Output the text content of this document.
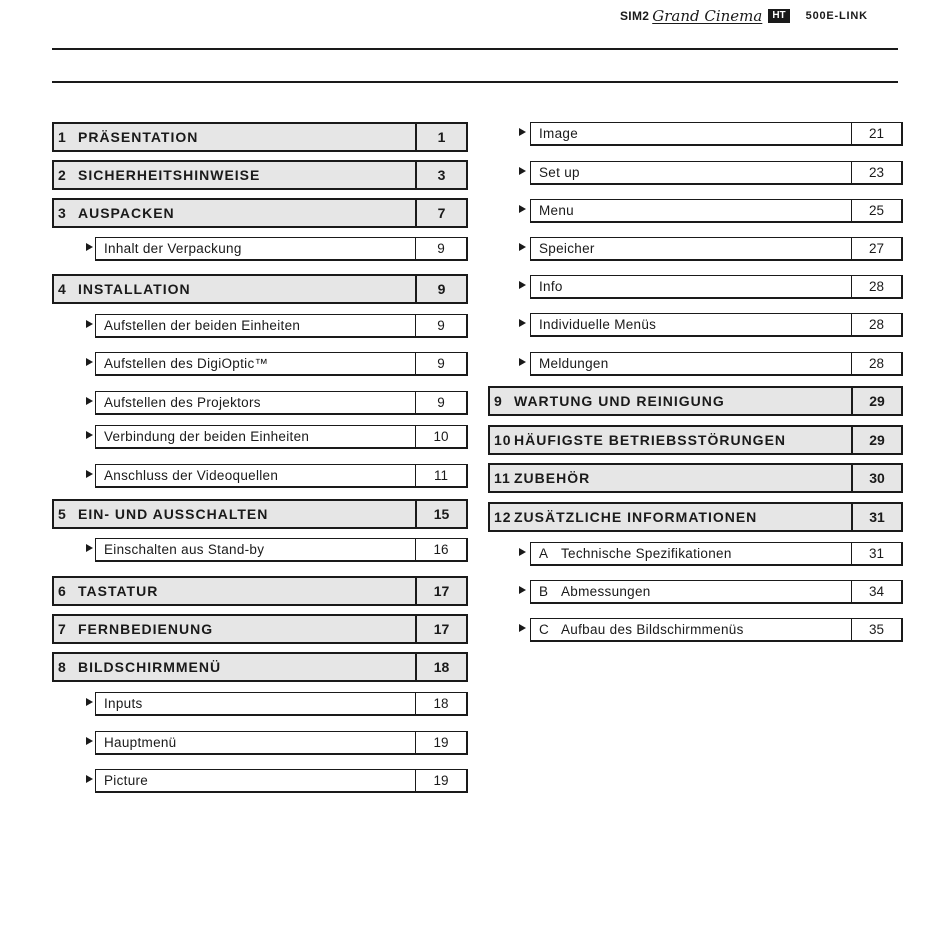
SIM2 Grand Cinema	HT	500E-LINK
1 PRÄSENTATION	1
2 SICHERHEITSHINWEISE	3
3 AUSPACKEN	7
Inhalt der Verpackung	9
4 INSTALLATION	9
Aufstellen der beiden Einheiten	9
Aufstellen des DigiOptic™	9
Aufstellen des Projektors	9
Verbindung der beiden Einheiten	10
Anschluss der Videoquellen	11
5 EIN- UND AUSSCHALTEN	15
Einschalten aus Stand-by	16
6 TASTATUR	17
7 FERNBEDIENUNG	17
8 BILDSCHIRMMENÜ	18
Inputs	18
Hauptmenü	19
Picture	19
Image	21
Set up	23
Menu	25
Speicher	27
Info	28
Individuelle Menüs	28
Meldungen	28
9 WARTUNG UND REINIGUNG	29
10 HÄUFIGSTE BETRIEBSSTÖRUNGEN	29
11 ZUBEHÖR	30
12 ZUSÄTZLICHE INFORMATIONEN	31
A Technische Spezifikationen	31
B Abmessungen	34
C Aufbau des Bildschirmmenüs	35
